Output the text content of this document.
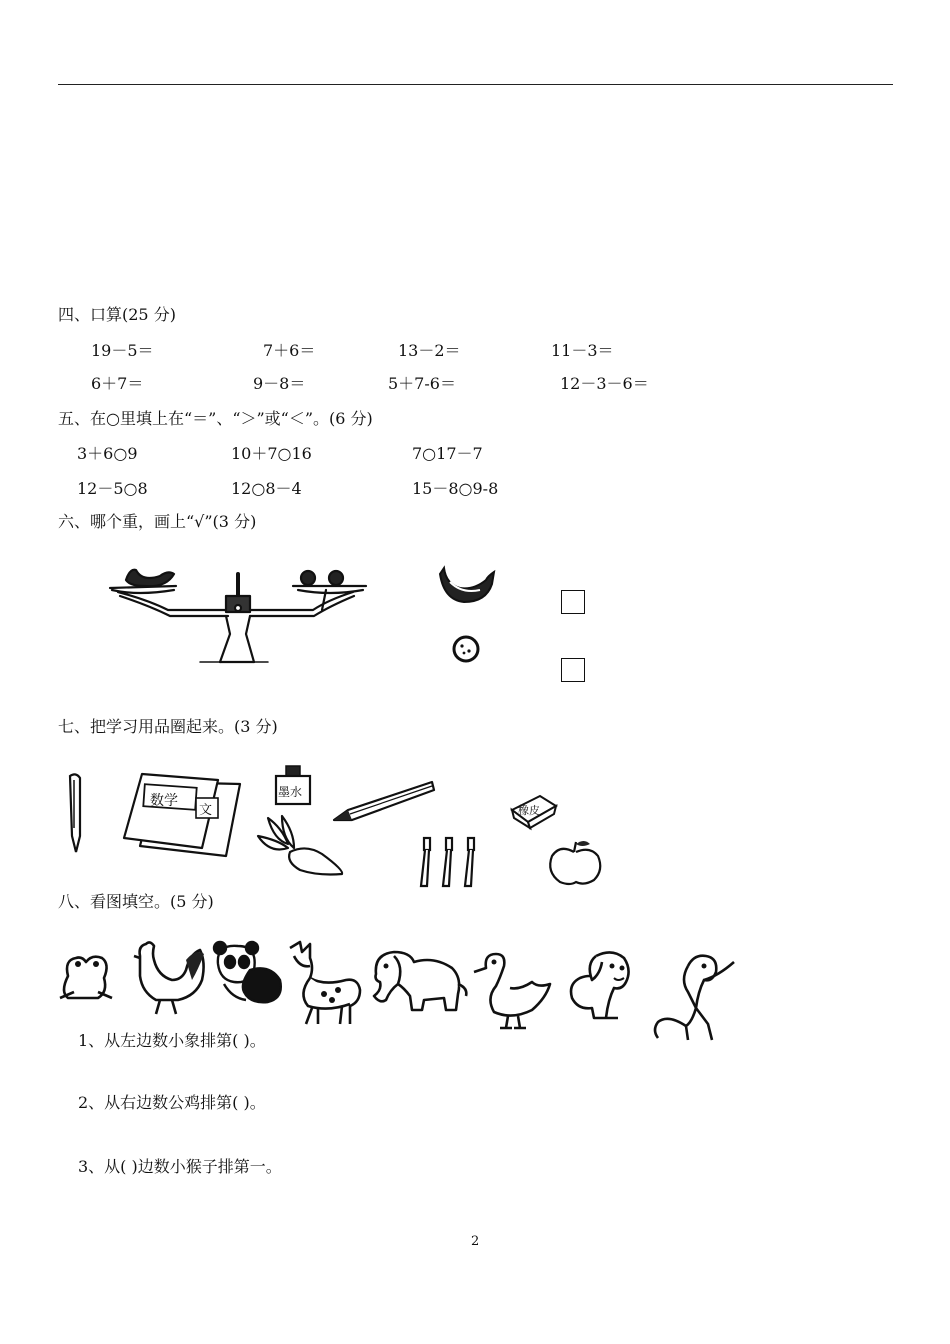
四、口算(25 分)
19－5＝	7＋6＝	13－2＝	11－3＝
6＋7＝	9－8＝	5＋7-6＝	12－3－6＝
五、在○里填上在“＝”、“＞”或“＜”。(6 分)
3＋6○9	10＋7○16	7○17－7
12－5○8	12○8－4	15－8○9-8
六、哪个重，画上“√”(3 分)
七、把学习用品圈起来。(3 分)
数学
文
墨水
橡皮
八、看图填空。(5 分)
1、从左边数小象排第( )。
2、从右边数公鸡排第( )。
3、从( )边数小猴子排第一。
2
